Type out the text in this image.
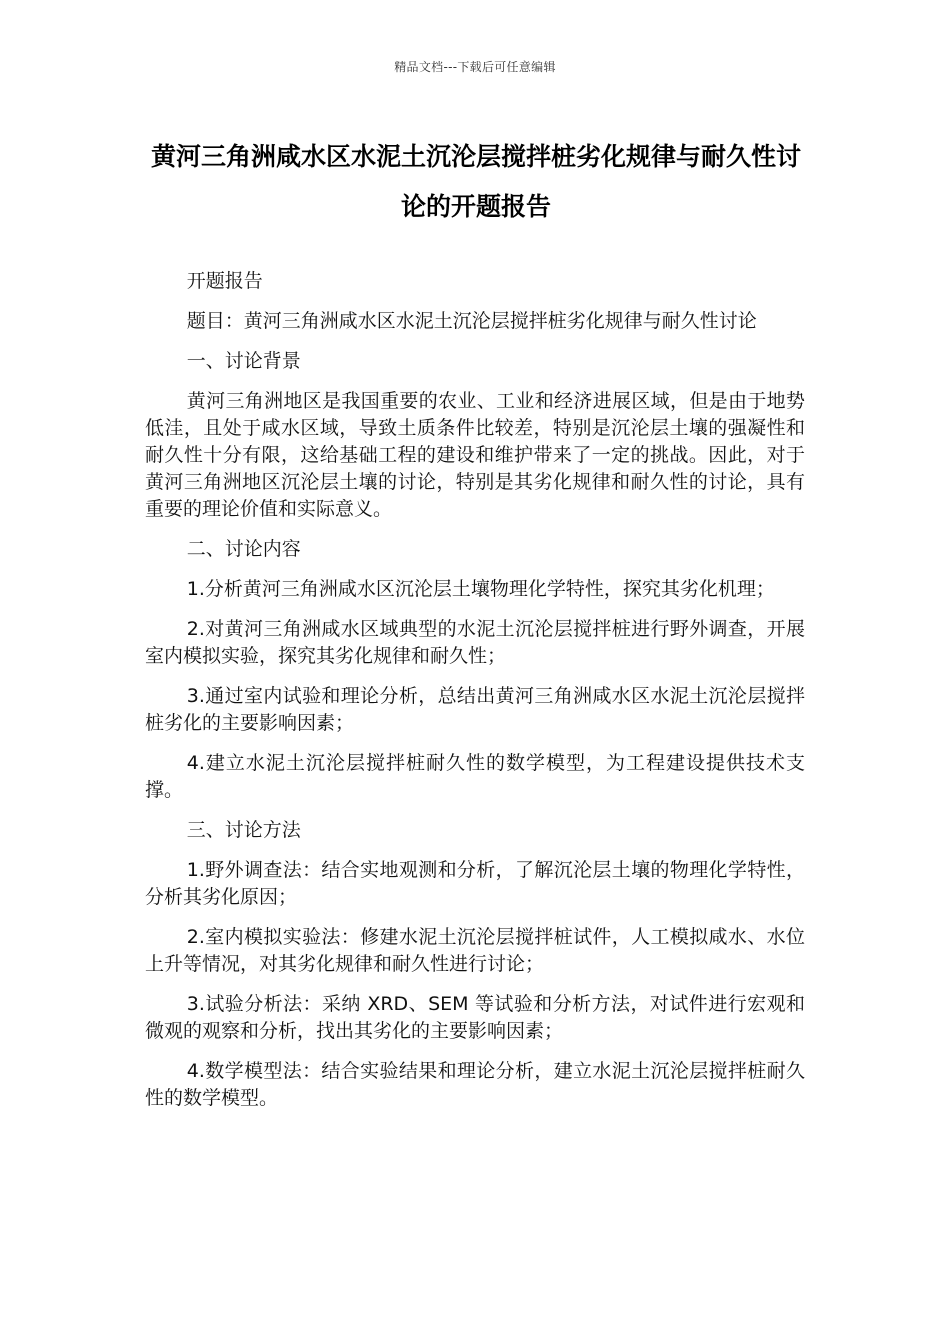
精品文档---下载后可任意编辑
黄河三角洲咸水区水泥土沉沦层搅拌桩劣化规律与耐久性讨论的开题报告

开题报告

题目：黄河三角洲咸水区水泥土沉沦层搅拌桩劣化规律与耐久性讨论

一、讨论背景

黄河三角洲地区是我国重要的农业、工业和经济进展区域，但是由于地势低洼，且处于咸水区域，导致土质条件比较差，特别是沉沦层土壤的强凝性和耐久性十分有限，这给基础工程的建设和维护带来了一定的挑战。因此，对于黄河三角洲地区沉沦层土壤的讨论，特别是其劣化规律和耐久性的讨论，具有重要的理论价值和实际意义。

二、讨论内容

1.分析黄河三角洲咸水区沉沦层土壤物理化学特性，探究其劣化机理；

2.对黄河三角洲咸水区域典型的水泥土沉沦层搅拌桩进行野外调查，开展室内模拟实验，探究其劣化规律和耐久性；

3.通过室内试验和理论分析，总结出黄河三角洲咸水区水泥土沉沦层搅拌桩劣化的主要影响因素；

4.建立水泥土沉沦层搅拌桩耐久性的数学模型，为工程建设提供技术支撑。

三、讨论方法

1.野外调查法：结合实地观测和分析，了解沉沦层土壤的物理化学特性，分析其劣化原因；

2.室内模拟实验法：修建水泥土沉沦层搅拌桩试件，人工模拟咸水、水位上升等情况，对其劣化规律和耐久性进行讨论；

3.试验分析法：采纳 XRD、SEM 等试验和分析方法，对试件进行宏观和微观的观察和分析，找出其劣化的主要影响因素；

4.数学模型法：结合实验结果和理论分析，建立水泥土沉沦层搅拌桩耐久性的数学模型。
